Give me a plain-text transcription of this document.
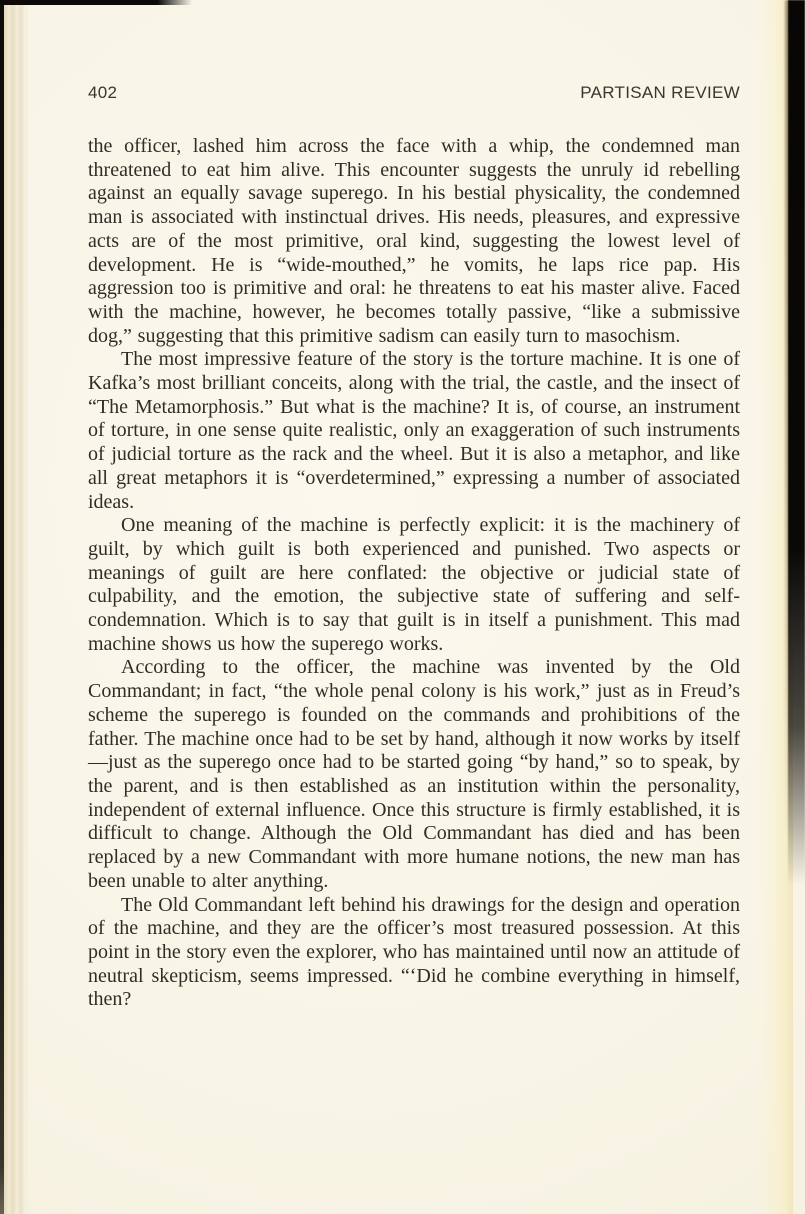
402	PARTISAN REVIEW

the officer, lashed him across the face with a whip, the condemned man threatened to eat him alive. This encounter suggests the unruly id rebelling against an equally savage superego. In his bestial physicality, the condemned man is associated with instinctual drives. His needs, pleasures, and expressive acts are of the most primitive, oral kind, suggesting the lowest level of development. He is “wide-mouthed,” he vomits, he laps rice pap. His aggression too is primitive and oral: he threatens to eat his master alive. Faced with the machine, however, he becomes totally passive, “like a submissive dog,” suggesting that this primitive sadism can easily turn to masochism.

The most impressive feature of the story is the torture machine. It is one of Kafka’s most brilliant conceits, along with the trial, the castle, and the insect of “The Metamorphosis.” But what is the machine? It is, of course, an instrument of torture, in one sense quite realistic, only an exaggeration of such instruments of judicial torture as the rack and the wheel. But it is also a metaphor, and like all great metaphors it is “overdetermined,” expressing a number of associated ideas.

One meaning of the machine is perfectly explicit: it is the machinery of guilt, by which guilt is both experienced and punished. Two aspects or meanings of guilt are here conflated: the objective or judicial state of culpability, and the emotion, the subjective state of suffering and self-condemnation. Which is to say that guilt is in itself a punishment. This mad machine shows us how the superego works.

According to the officer, the machine was invented by the Old Commandant; in fact, “the whole penal colony is his work,” just as in Freud’s scheme the superego is founded on the commands and prohibitions of the father. The machine once had to be set by hand, although it now works by itself—just as the superego once had to be started going “by hand,” so to speak, by the parent, and is then established as an institution within the personality, independent of external influence. Once this structure is firmly established, it is difficult to change. Although the Old Commandant has died and has been replaced by a new Commandant with more humane notions, the new man has been unable to alter anything.

The Old Commandant left behind his drawings for the design and operation of the machine, and they are the officer’s most treasured possession. At this point in the story even the explorer, who has maintained until now an attitude of neutral skepticism, seems impressed. “‘Did he combine everything in himself, then?
